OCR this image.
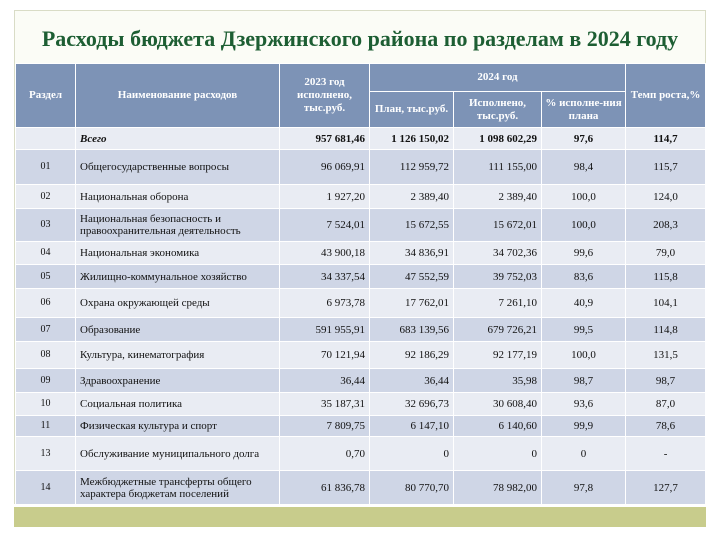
Расходы бюджета Дзержинского района по разделам в 2024 году
Раздел	Наименование расходов	2023 год исполнено, тыс.руб.	2024 год			Темп роста,%
			План, тыс.руб.	Исполнено, тыс.руб.	% исполне-ния плана	
	Всего	957 681,46	1 126 150,02	1 098 602,29	97,6	114,7
01	Общегосударственные вопросы	96 069,91	112 959,72	111 155,00	98,4	115,7
02	Национальная оборона	1 927,20	2 389,40	2 389,40	100,0	124,0
03	Национальная безопасность и правоохранительная деятельность	7 524,01	15 672,55	15 672,01	100,0	208,3
04	Национальная экономика	43 900,18	34 836,91	34 702,36	99,6	79,0
05	Жилищно-коммунальное хозяйство	34 337,54	47 552,59	39 752,03	83,6	115,8
06	Охрана окружающей среды	6 973,78	17 762,01	7 261,10	40,9	104,1
07	Образование	591 955,91	683 139,56	679 726,21	99,5	114,8
08	Культура, кинематография	70 121,94	92 186,29	92 177,19	100,0	131,5
09	Здравоохранение	36,44	36,44	35,98	98,7	98,7
10	Социальная политика	35 187,31	32 696,73	30 608,40	93,6	87,0
11	Физическая культура и спорт	7 809,75	6 147,10	6 140,60	99,9	78,6
13	Обслуживание муниципального долга	0,70	0	0	0	-
14	Межбюджетные трансферты общего характера бюджетам поселений	61 836,78	80 770,70	78 982,00	97,8	127,7
